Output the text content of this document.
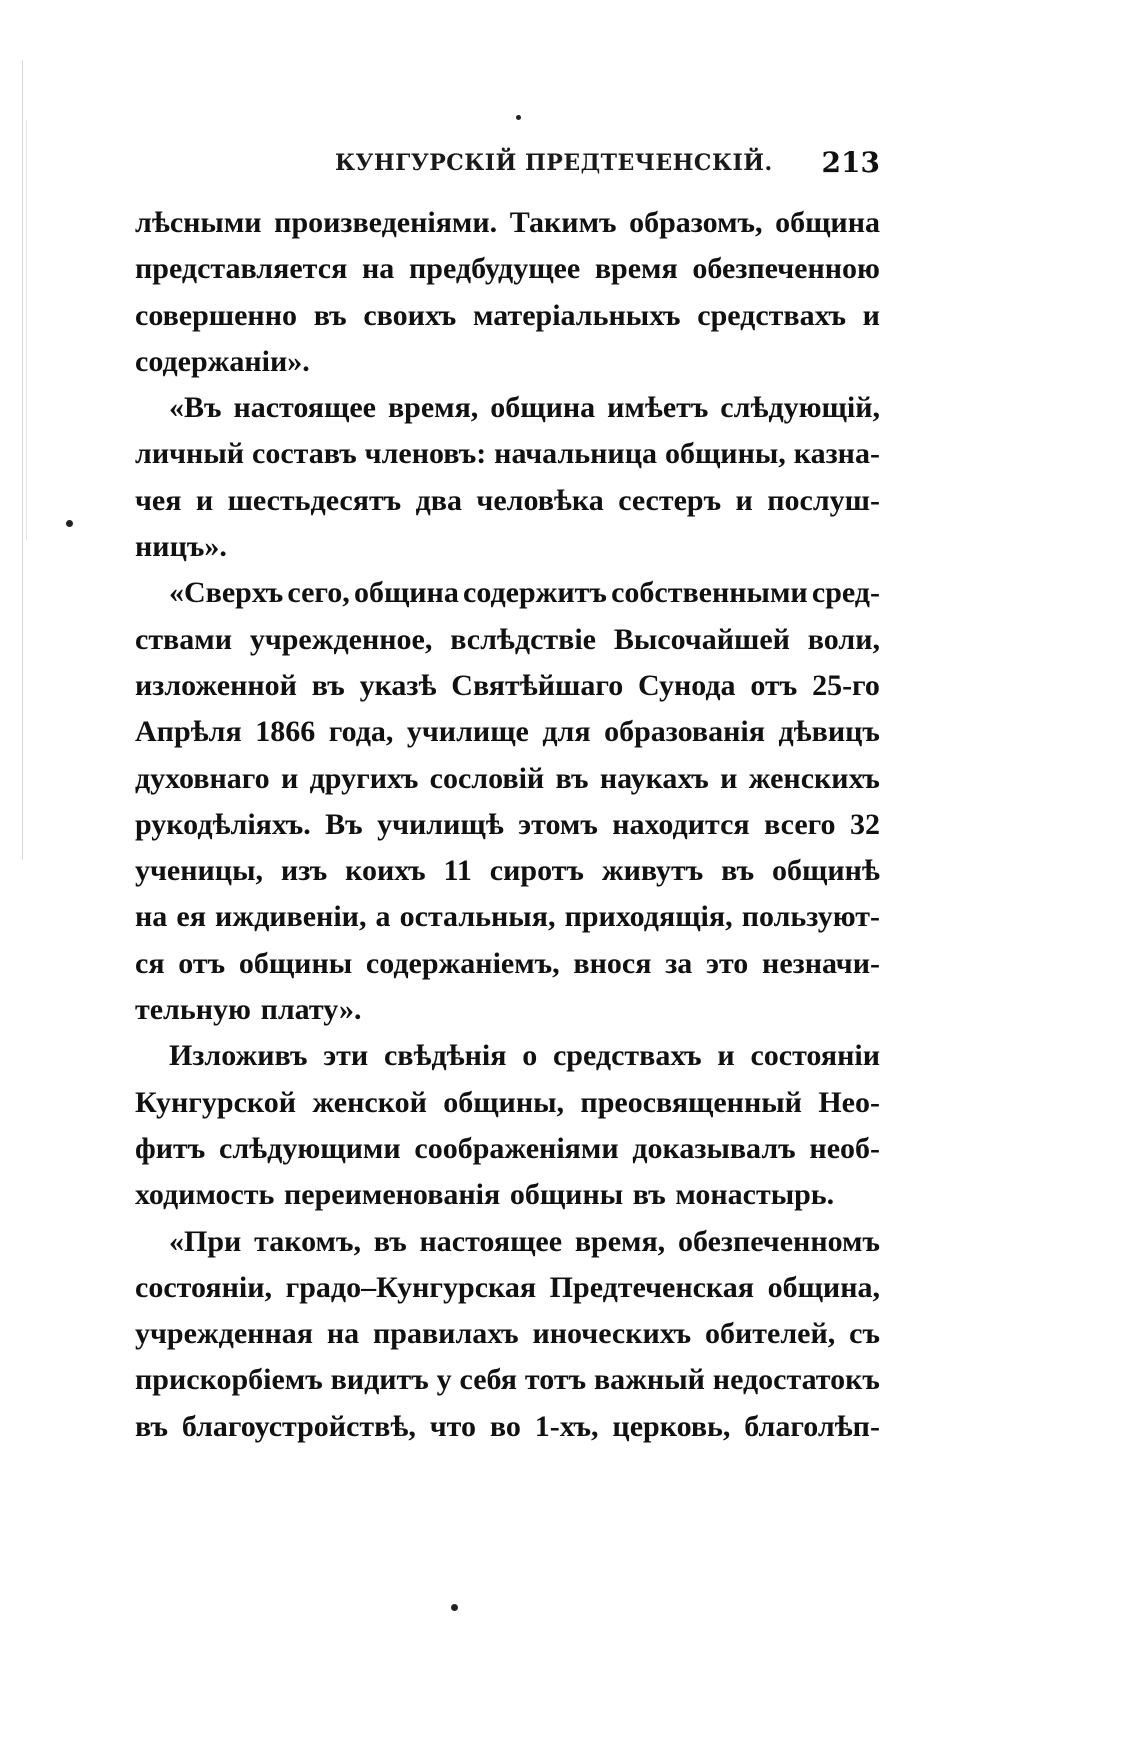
КУНГУРСКІЙ ПРЕДТЕЧЕНСКІЙ. 213
лѣсными произведеніями. Такимъ образомъ, община
представляется на предбудущее время обезпеченною
совершенно въ своихъ матеріальныхъ средствахъ и
содержаніи».
«Въ настоящее время, община имѣетъ слѣдующій,
личный составъ членовъ: начальница общины, казна-
чея и шестьдесятъ два человѣка сестеръ и послуш-
ницъ».
«Сверхъ сего, община содержитъ собственными сред-
ствами учрежденное, вслѣдствіе Высочайшей воли,
изложенной въ указѣ Святѣйшаго Сунода отъ 25-го
Апрѣля 1866 года, училище для образованія дѣвицъ
духовнаго и другихъ сословій въ наукахъ и женскихъ
рукодѣліяхъ. Въ училищѣ этомъ находится всего 32
ученицы, изъ коихъ 11 сиротъ живутъ въ общинѣ
на ея иждивеніи, а остальныя, приходящія, пользуют-
ся отъ общины содержаніемъ, внося за это незначи-
тельную плату».
Изложивъ эти свѣдѣнія о средствахъ и состояніи
Кунгурской женской общины, преосвященный Нео-
фитъ слѣдующими соображеніями доказывалъ необ-
ходимость переименованія общины въ монастырь.
«При такомъ, въ настоящее время, обезпеченномъ
состояніи, градо–Кунгурская Предтеченская община,
учрежденная на правилахъ иноческихъ обителей, съ
прискорбіемъ видитъ у себя тотъ важный недостатокъ
въ благоустройствѣ, что во 1-хъ, церковь, благолѣп-
